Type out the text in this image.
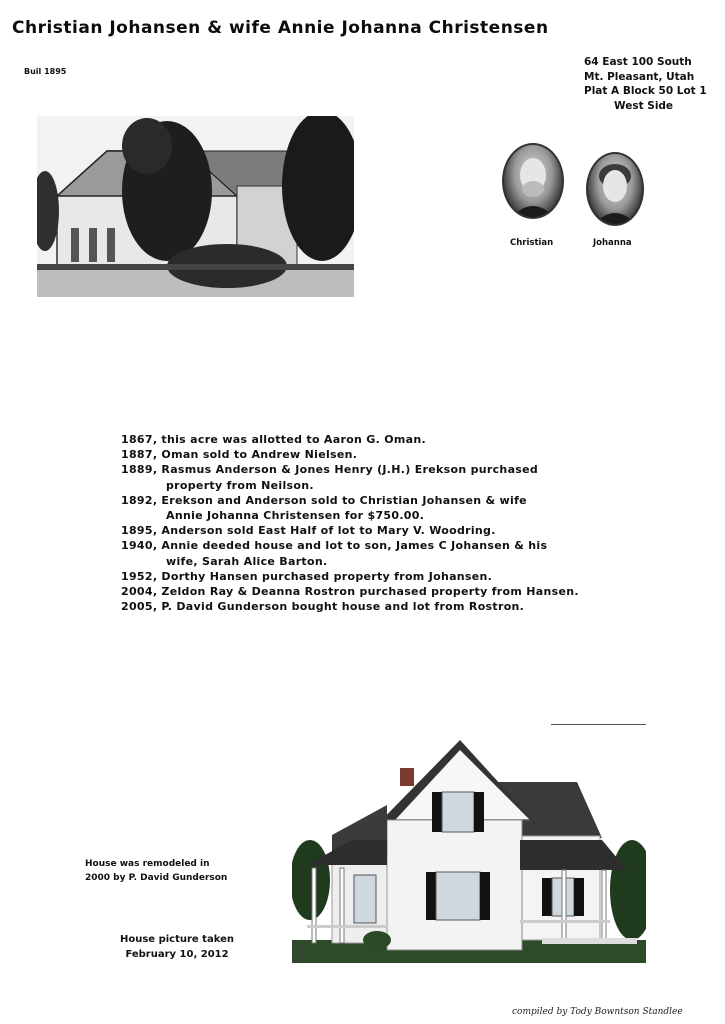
Christian Johansen & wife Annie Johanna Christensen
Buil 1895
64 East 100 South
Mt. Pleasant, Utah
Plat A Block 50 Lot 1
West Side
Christian	Johanna
1867, this acre was allotted to Aaron G. Oman.
1887, Oman sold to Andrew Nielsen.
1889, Rasmus Anderson & Jones Henry (J.H.) Erekson purchased
property from Neilson.
1892, Erekson and Anderson sold to Christian Johansen & wife
Annie Johanna Christensen for $750.00.
1895, Anderson sold East Half of lot to Mary V. Woodring.
1940, Annie deeded house and lot to son, James C Johansen & his
wife, Sarah Alice Barton.
1952, Dorthy Hansen purchased property from Johansen.
2004, Zeldon Ray & Deanna Rostron purchased property from Hansen.
2005, P. David Gunderson bought house and lot from Rostron.
House was remodeled in
2000 by P. David Gunderson
House picture taken
February 10, 2012
compiled by Tody Bowntson Standlee
